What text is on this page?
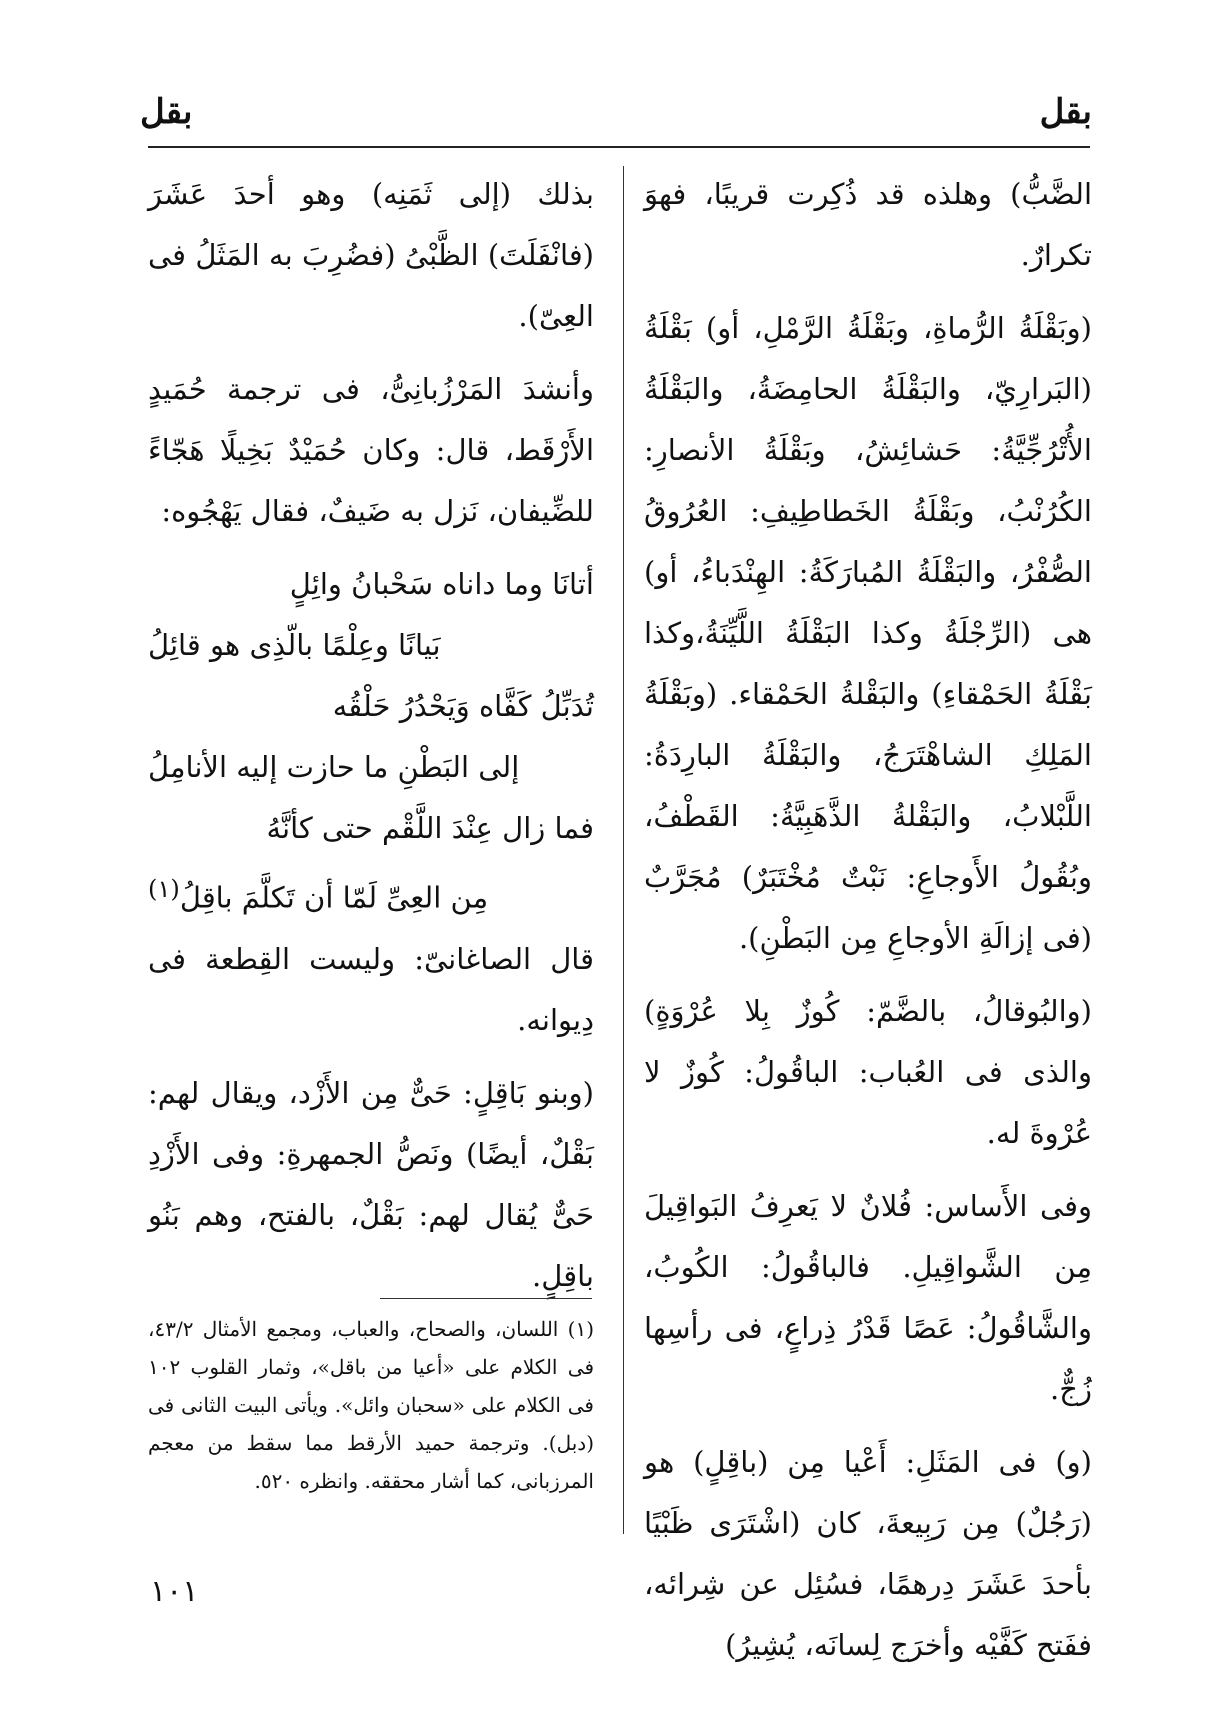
بقل
بقل

الضَّبُّ) وهلذه قد ذُكِرت قريبًا، فهوَ تكرارٌ.

(وبَقْلَةُ الرُّماةِ، وبَقْلَةُ الرَّمْلِ، أو) بَقْلَةُ (البَرارِيّ، والبَقْلَةُ الحامِضَةُ، والبَقْلَةُ الأُتْرُجِّيَّةُ: حَشائِشُ، وبَقْلَةُ الأنصارِ: الكُرُنْبُ، وبَقْلَةُ الخَطاطِيفِ: العُرُوقُ الصُّفْرُ، والبَقْلَةُ المُبارَكَةُ: الهِنْدَباءُ، أو) هى (الرِّجْلَةُ وكذا البَقْلَةُ اللَّيِّنَةُ،وكذا بَقْلَةُ الحَمْقاءِ) والبَقْلةُ الحَمْقاء. (وبَقْلَةُ المَلِكِ الشاهْتَرَجُ، والبَقْلَةُ البارِدَةُ: اللَّبْلابُ، والبَقْلةُ الذَّهَبِيَّةُ: القَطْفُ، وبُقُولُ الأَوجاعِ: نَبْتٌ مُخْتَبَرٌ) مُجَرَّبٌ (فى إزالَةِ الأوجاعِ مِن البَطْنِ).

(والبُوقالُ، بالضَّمّ: كُوزٌ بِلا عُرْوَةٍ) والذى فى العُباب: الباقُولُ: كُوزٌ لا عُرْوةَ له.

وفى الأَساس: فُلانٌ لا يَعرِفُ البَواقِيلَ مِن الشَّواقِيلِ. فالباقُولُ: الكُوبُ، والشَّاقُولُ: عَصًا قَدْرُ ذِراعٍ، فى رأسِها زُجٌّ.

(و) فى المَثَلِ: أَعْيا مِن (باقِلٍ) هو (رَجُلٌ) مِن رَبِيعةَ، كان (اشْتَرَى ظَبْيًا بأحدَ عَشَرَ دِرهمًا، فسُئِل عن شِرائه، ففَتح كَفَّيْه وأخرَج لِسانَه، يُشِيرُ)

بذلك (إلى ثَمَنِه) وهو أحدَ عَشَرَ (فانْفَلَتَ) الظَّبْىُ (فضُرِبَ به المَثَلُ فى العِىّ).

وأنشدَ المَرْزُبانِىُّ، فى ترجمة حُمَيدٍ الأَرْقَط، قال: وكان حُمَيْدٌ بَخِيلًا هَجّاءً للضِّيفان، نَزل به ضَيفٌ، فقال يَهْجُوه:

أتانَا وما داناه سَحْبانُ وائِلٍ
بَيانًا وعِلْمًا بالّذِى هو قائِلُ
تُدَبِّلُ كَفَّاه وَيَحْدُرُ حَلْقُه
إلى البَطْنِ ما حازت إليه الأنامِلُ
فما زال عِنْدَ اللَّقْم حتى كأنَّهُ
مِن العِىِّ لَمّا أن تَكلَّمَ باقِلُ$^{(١)}$

قال الصاغانىّ: وليست القِطعة فى دِيوانه.

(وبنو بَاقِلٍ: حَىٌّ مِن الأَزْد، ويقال لهم: بَقْلٌ، أيضًا) ونَصُّ الجمهرةِ: وفى الأَزْدِ حَىٌّ يُقال لهم: بَقْلٌ، بالفتح، وهم بَنُو باقِلٍ.

(١) اللسان، والصحاح، والعباب، ومجمع الأمثال ٤٣/٢، فى الكلام على «أعيا من باقل»، وثمار القلوب ١٠٢ فى الكلام على «سحبان وائل». ويأتى البيت الثانى فى (دبل). وترجمة حميد الأرقط مما سقط من معجم المرزبانى، كما أشار محققه. وانظره ٥٢٠.
١٠١
